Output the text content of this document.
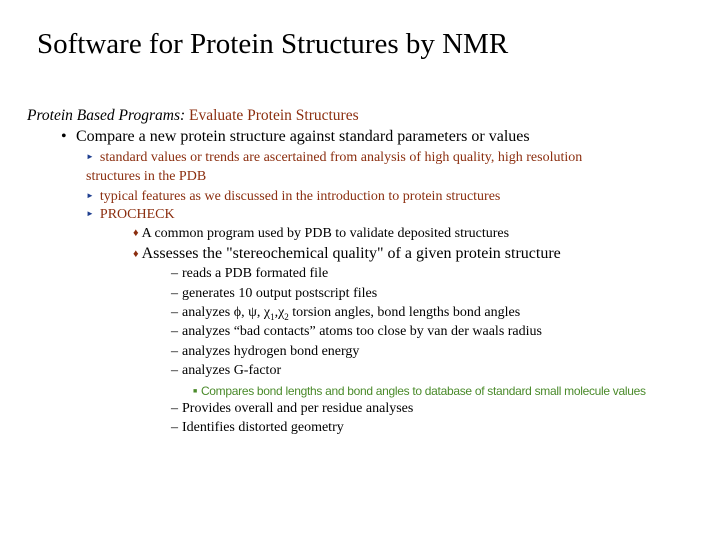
Software for Protein Structures by NMR
Protein Based Programs: Evaluate Protein Structures
• Compare a new protein structure against standard parameters or values
► standard values or trends are ascertained from analysis of high quality, high resolution
structures in the PDB
► typical features as we discussed in the introduction to protein structures
► PROCHECK
♦ A common program used by PDB to validate deposited structures
♦ Assesses the "stereochemical quality" of a given protein structure
– reads a PDB formated file
– generates 10 output postscript files
– analyzes ϕ, ψ, $\chi_1,\chi_2$ torsion angles, bond lengths bond angles
– analyzes “bad contacts” atoms too close by van der waals radius
– analyzes hydrogen bond energy
– analyzes G-factor
■ Compares bond lengths and bond angles to database of standard small molecule values
– Provides overall and per residue analyses
– Identifies distorted geometry
